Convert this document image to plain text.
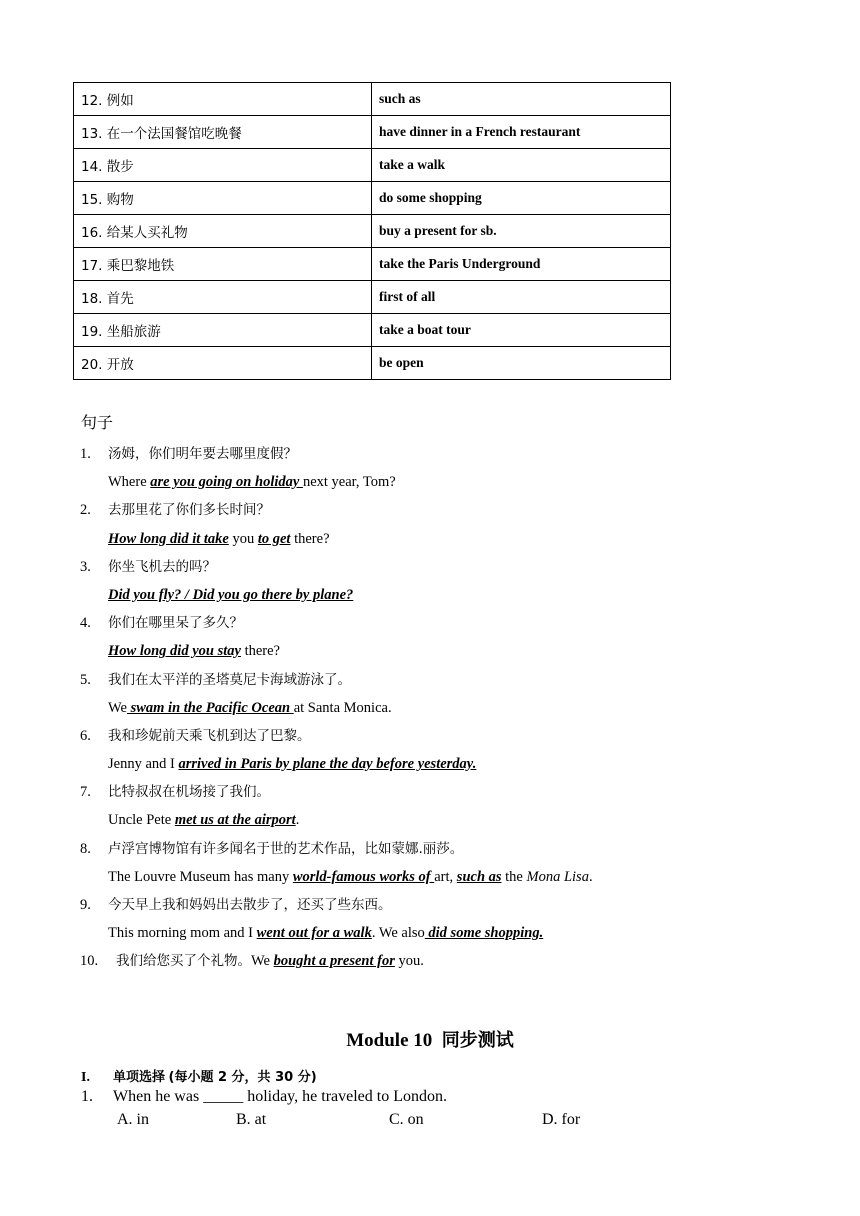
12. 例如	such as
13. 在一个法国餐馆吃晚餐	have dinner in a French restaurant
14. 散步	take a walk
15. 购物	do some shopping
16. 给某人买礼物	buy a present for sb.
17. 乘巴黎地铁	take the Paris Underground
18. 首先	first of all
19. 坐船旅游	take a boat tour
20. 开放	be open
句子
1. 汤姆，你们明年要去哪里度假？
Where are you going on holiday next year, Tom?
2. 去那里花了你们多长时间？
How long did it take you to get there?
3. 你坐飞机去的吗？
Did you fly? / Did you go there by plane?
4. 你们在哪里呆了多久？
How long did you stay there?
5. 我们在太平洋的圣塔莫尼卡海域游泳了。
We swam in the Pacific Ocean at Santa Monica.
6. 我和珍妮前天乘飞机到达了巴黎。
Jenny and I arrived in Paris by plane the day before yesterday.
7. 比特叔叔在机场接了我们。
Uncle Pete met us at the airport.
8. 卢浮宫博物馆有许多闻名于世的艺术作品，比如蒙娜.丽莎。
The Louvre Museum has many world-famous works of art, such as the Mona Lisa.
9. 今天早上我和妈妈出去散步了，还买了些东西。
This morning mom and I went out for a walk. We also did some shopping.
10. 我们给您买了个礼物。We bought a present for you.
Module 10 同步测试
I. 单项选择 (每小题 2 分，共 30 分)
1. When he was _____ holiday, he traveled to London.
A. in	B. at	C. on	D. for
